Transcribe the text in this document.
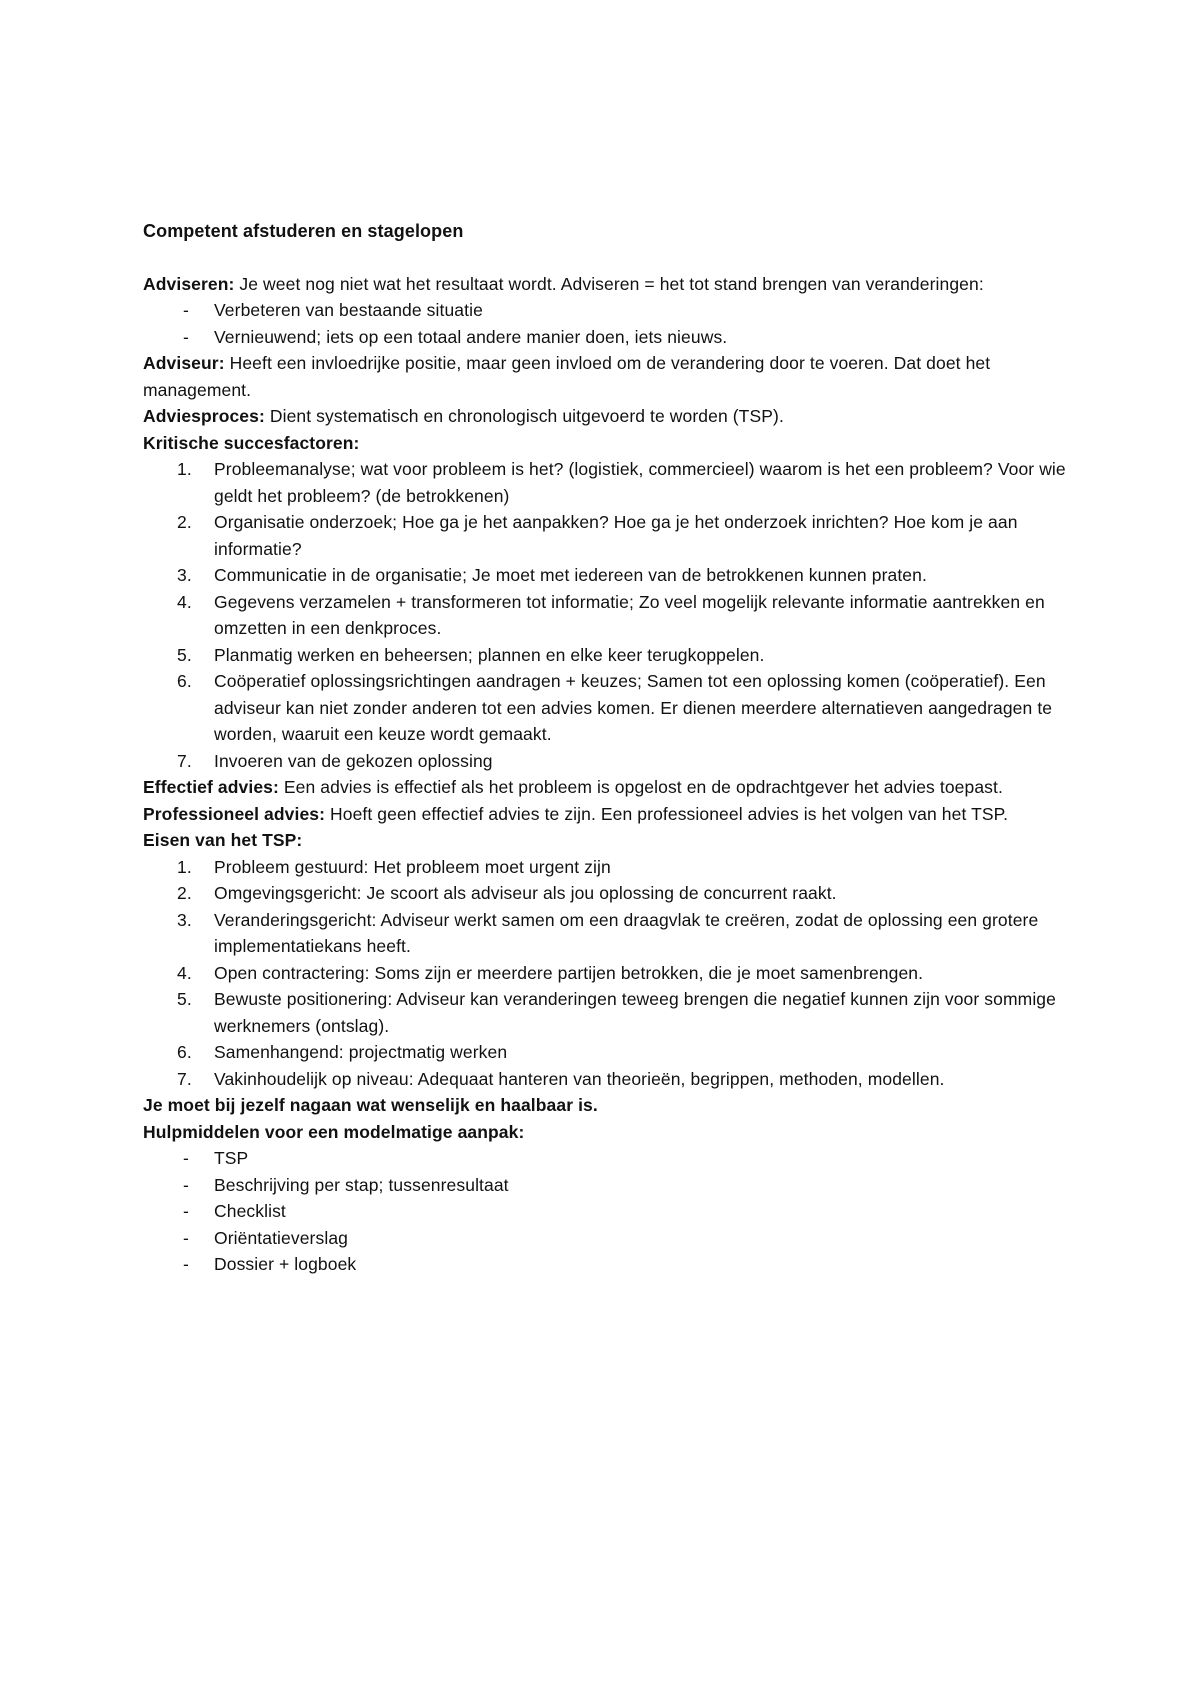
Competent afstuderen en stagelopen

Adviseren: Je weet nog niet wat het resultaat wordt. Adviseren = het tot stand brengen van veranderingen:

- Verbeteren van bestaande situatie
- Vernieuwend; iets op een totaal andere manier doen, iets nieuws.

Adviseur: Heeft een invloedrijke positie, maar geen invloed om de verandering door te voeren. Dat doet het management.

Adviesproces: Dient systematisch en chronologisch uitgevoerd te worden (TSP).

Kritische succesfactoren:

1. Probleemanalyse; wat voor probleem is het? (logistiek, commercieel) waarom is het een probleem? Voor wie geldt het probleem? (de betrokkenen)
2. Organisatie onderzoek; Hoe ga je het aanpakken? Hoe ga je het onderzoek inrichten? Hoe kom je aan informatie?
3. Communicatie in de organisatie; Je moet met iedereen van de betrokkenen kunnen praten.
4. Gegevens verzamelen + transformeren tot informatie; Zo veel mogelijk relevante informatie aantrekken en omzetten in een denkproces.
5. Planmatig werken en beheersen; plannen en elke keer terugkoppelen.
6. Coöperatief oplossingsrichtingen aandragen + keuzes; Samen tot een oplossing komen (coöperatief). Een adviseur kan niet zonder anderen tot een advies komen. Er dienen meerdere alternatieven aangedragen te worden, waaruit een keuze wordt gemaakt.
7. Invoeren van de gekozen oplossing

Effectief advies: Een advies is effectief als het probleem is opgelost en de opdrachtgever het advies toepast.

Professioneel advies: Hoeft geen effectief advies te zijn. Een professioneel advies is het volgen van het TSP.

Eisen van het TSP:

1. Probleem gestuurd: Het probleem moet urgent zijn
2. Omgevingsgericht: Je scoort als adviseur als jou oplossing de concurrent raakt.
3. Veranderingsgericht: Adviseur werkt samen om een draagvlak te creëren, zodat de oplossing een grotere implementatiekans heeft.
4. Open contractering: Soms zijn er meerdere partijen betrokken, die je moet samenbrengen.
5. Bewuste positionering: Adviseur kan veranderingen teweeg brengen die negatief kunnen zijn voor sommige werknemers (ontslag).
6. Samenhangend: projectmatig werken
7. Vakinhoudelijk op niveau: Adequaat hanteren van theorieën, begrippen, methoden, modellen.

Je moet bij jezelf nagaan wat wenselijk en haalbaar is.

Hulpmiddelen voor een modelmatige aanpak:

- TSP
- Beschrijving per stap; tussenresultaat
- Checklist
- Oriëntatieverslag
- Dossier + logboek
